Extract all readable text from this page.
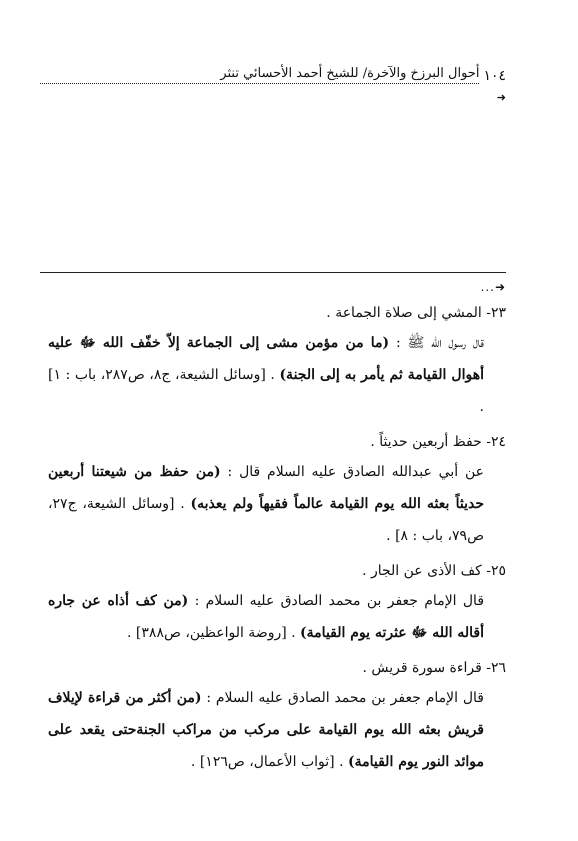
١٠٤
أحوال البرزخ والآخرة/ للشيخ أحمد الأحسائي تنثر
➜
...➜
٢٣- المشي إلى صلاة الجماعة .
قال رسول الله ﷺ : (ما من مؤمن مشى إلى الجماعة إلاّ خفّف الله ﷻ عليه أهوال القيامة ثم يأمر به إلى الجنة) . [وسائل الشيعة، ج٨، ص٢٨٧، باب : ١] .
٢٤- حفظ أربعين حديثاً .
عن أبي عبدالله الصادق عليه السلام قال : (من حفظ من شيعتنا أربعين حديثاً بعثه الله يوم القيامة عالماً فقيهاً ولم يعذبه) . [وسائل الشيعة، ج٢٧، ص٧٩، باب : ٨] .
٢٥- كف الأذى عن الجار .
قال الإمام جعفر بن محمد الصادق عليه السلام : (من كف أذاه عن جاره أقاله الله ﷻ عثرته يوم القيامة) . [روضة الواعظين، ص٣٨٨] .
٢٦- قراءة سورة قريش .
قال الإمام جعفر بن محمد الصادق عليه السلام : (من أكثر من قراءة لإيلاف قريش بعثه الله يوم القيامة على مركب من مراكب الجنةحتى يقعد على موائد النور يوم القيامة) . [ثواب الأعمال، ص١٢٦] .
